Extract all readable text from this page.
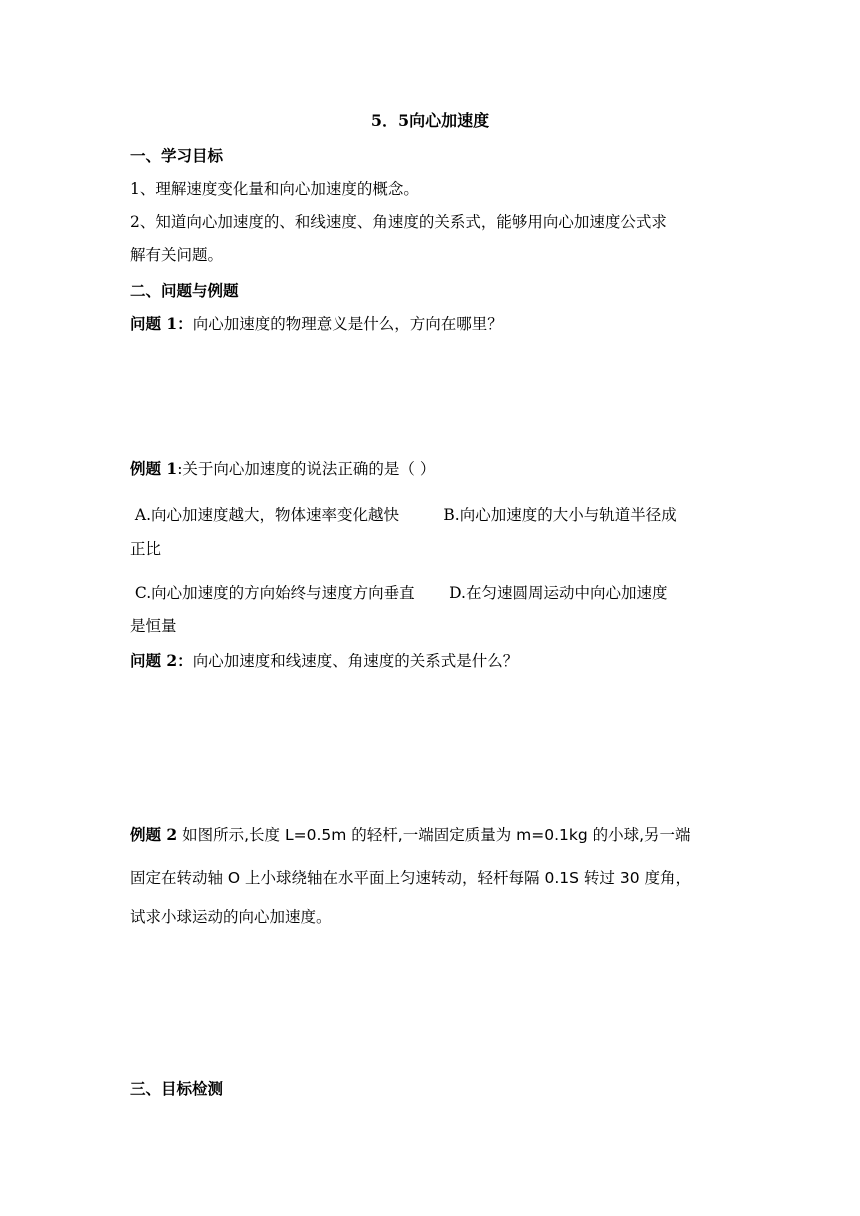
5．5向心加速度
一、学习目标
1、理解速度变化量和向心加速度的概念。
2、知道向心加速度的、和线速度、角速度的关系式，能够用向心加速度公式求
解有关问题。
二、问题与例题
问题 1：向心加速度的物理意义是什么，方向在哪里？
例题 1:关于向心加速度的说法正确的是（ ）
A.向心加速度越大，物体速率变化越快         B.向心加速度的大小与轨道半径成
正比
C.向心加速度的方向始终与速度方向垂直       D.在匀速圆周运动中向心加速度
是恒量
问题 2：向心加速度和线速度、角速度的关系式是什么？
例题 2 如图所示,长度 L=0.5m 的轻杆,一端固定质量为 m=0.1kg 的小球,另一端
固定在转动轴 O 上小球绕轴在水平面上匀速转动，轻杆每隔 0.1S 转过 30 度角，
试求小球运动的向心加速度。
三、目标检测
